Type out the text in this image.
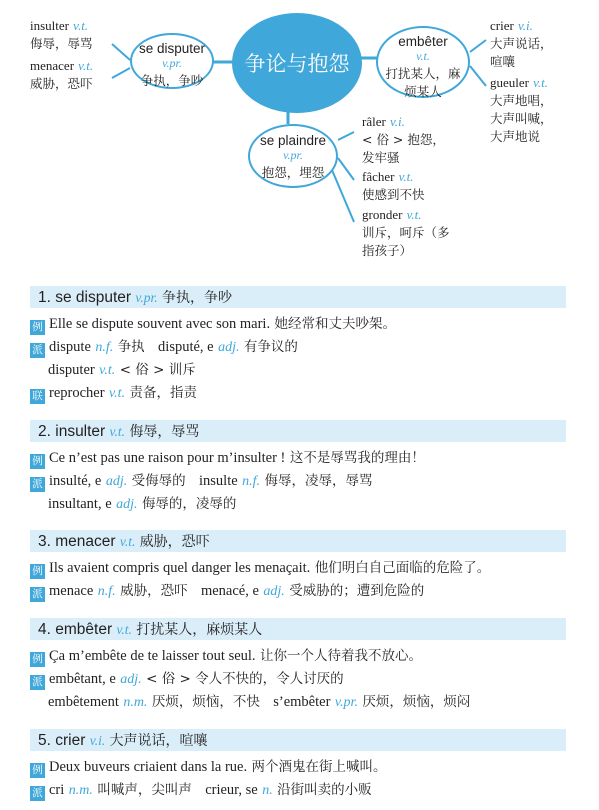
insulter v.t.
侮辱，辱骂
menacer v.t.
威胁，恐吓
se disputer
v.pr.
争执，争吵
争论与抱怨
embêter
v.t.
打扰某人，麻
烦某人
crier v.i.
大声说话，
喧嚷
gueuler v.t.
大声地唱，
大声叫喊，
大声地说
se plaindre
v.pr.
抱怨，埋怨
râler v.i.
< 俗 > 抱怨，
发牢骚
fâcher v.t.
使感到不快
gronder v.t.
训斥，呵斥（多
指孩子）
1. se disputer v.pr. 争执，争吵
例 Elle se dispute souvent avec son mari. 她经常和丈夫吵架。
派 dispute n.f. 争执 disputé, e adj. 有争议的
disputer v.t. < 俗 > 训斥
联 reprocher v.t. 责备，指责
2. insulter v.t. 侮辱，辱骂
例 Ce n’est pas une raison pour m’insulter ! 这不是辱骂我的理由！
派 insulté, e adj. 受侮辱的 insulte n.f. 侮辱，凌辱，辱骂
insultant, e adj. 侮辱的，凌辱的
3. menacer v.t. 威胁，恐吓
例 Ils avaient compris quel danger les menaçait. 他们明白自己面临的危险了。
派 menace n.f. 威胁，恐吓 menacé, e adj. 受威胁的；遭到危险的
4. embêter v.t. 打扰某人，麻烦某人
例 Ça m’embête de te laisser tout seul. 让你一个人待着我不放心。
派 embêtant, e adj. < 俗 > 令人不快的，令人讨厌的
embêtement n.m. 厌烦，烦恼，不快 s’embêter v.pr. 厌烦，烦恼，烦闷
5. crier v.i. 大声说话，喧嚷
例 Deux buveurs criaient dans la rue. 两个酒鬼在街上喊叫。
派 cri n.m. 叫喊声，尖叫声 crieur, se n. 沿街叫卖的小贩
